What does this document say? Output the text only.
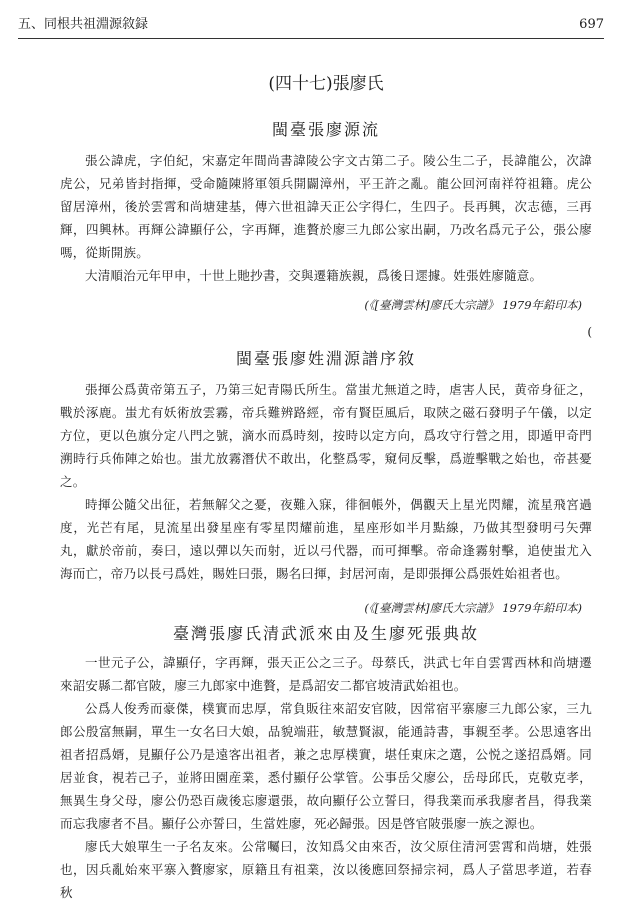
五、同根共祖淵源敘録	697
(四十七)張廖氏
閩臺張廖源流

張公諱虎，字伯紀，宋嘉定年間尚書諱陵公字文古第二子。陵公生二子，長諱龍公，次諱虎公，兄弟皆封指揮，受命隨陳將軍領兵開闢漳州，平王許之亂。龍公回河南祥符祖籍。虎公留居漳州，後於雲霄和尚塘建基，傳六世祖諱天正公字得仁，生四子。長再興，次志德，三再輝，四興林。再輝公諱顯仔公，字再輝，進贅於廖三九郎公家出嗣，乃改名爲元子公，張公廖嗎，從斯開族。

大清順治元年甲申，十世上貤抄書，交與遷籍族親，爲後日遝據。姓張姓廖隨意。

(《[臺灣雲林]廖氏大宗譜》 1979年鉛印本)

(

閩臺張廖姓淵源譜序敘

張揮公爲黄帝第五子，乃第三妃青陽氏所生。當蚩尤無道之時，虐害人民，黄帝身征之，戰於涿鹿。蚩尤有妖術放雲霧，帝兵難辨路經，帝有賢臣風后，取陝之磁石發明子午儀，以定方位，更以色旗分定八門之號，滴水而爲時刻，按時以定方向，爲攻守行營之用，即遁甲奇門溯時行兵佈陣之始也。蚩尤放霧潛伏不敢出，化整爲零，窺伺反擊，爲遊擊戰之始也，帝甚憂之。

時揮公隨父出征，若無解父之憂，夜難入寐，徘徊帳外，偶觀天上星光閃耀，流星飛宮過度，光芒有尾，見流星出發星座有零星閃耀前進，星座形如半月點線，乃做其型發明弓矢彈丸，獻於帝前，奏曰，遠以彈以矢而射，近以弓代器，而可揮擊。帝命逢霧射擊，追使蚩尤入海而亡，帝乃以長弓爲姓，賜姓曰張，賜名曰揮，封居河南，是即張揮公爲張姓始祖者也。

(《[臺灣雲林]廖氏大宗譜》 1979年鉛印本)

臺灣張廖氏清武派來由及生廖死張典故

一世元子公，諱顯仔，字再輝，張天正公之三子。母蔡氏，洪武七年自雲霄西林和尚塘遷來詔安縣二都官陂，廖三九郎家中進贅，是爲詔安二都官坡清武始祖也。

公爲人俊秀而豪傑，樸實而忠厚，常負販往來詔安官陂，因常宿平寨廖三九郎公家，三九郎公殷富無嗣，單生一女名曰大娘，品貌端莊，敏慧賢淑，能通詩書，事親至孝。公思遠客出祖者招爲婿，見顯仔公乃是遠客出祖者，兼之忠厚樸實，堪任東床之選，公悦之遂招爲婿。同居並食，視若己子，並將田園産業，悉付顯仔公掌管。公事岳父廖公，岳母邱氏，克敬克孝，無異生身父母，廖公仍恐百歲後忘廖還張，故向顯仔公立誓曰，得我業而承我廖者昌，得我業而忘我廖者不昌。顯仔公亦誓曰，生當姓廖，死必歸張。因是啓官陂張廖一族之源也。

廖氏大娘單生一子名友來。公常囑曰，汝知爲父由來否，汝父原住清河雲霄和尚塘，姓張也，因兵亂始來平寨入贅廖家，原籍且有祖業，汝以後應回祭掃宗祠，爲人子當思孝道，若春秋
